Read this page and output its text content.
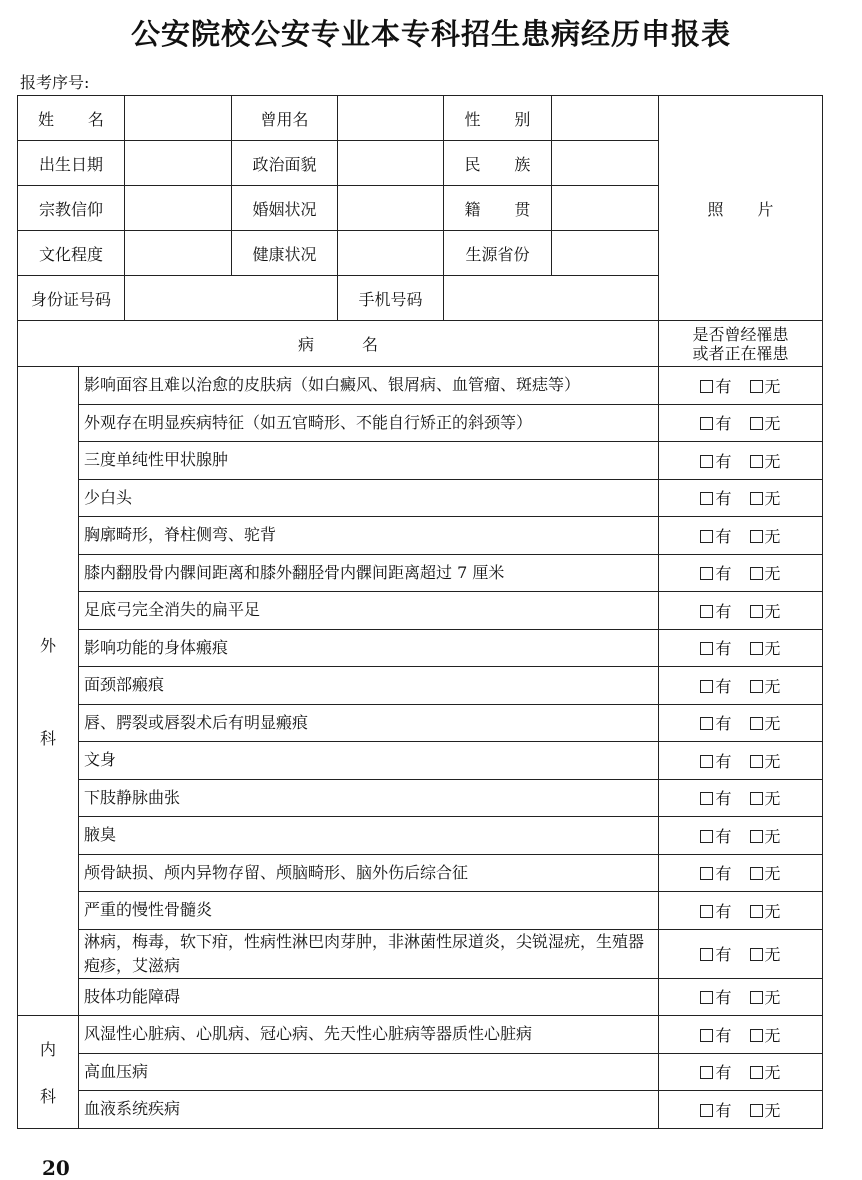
公安院校公安专业本专科招生患病经历申报表
报考序号:
姓 名		曾用名		性 别		照 片
出生日期		政治面貌		民 族		
宗教信仰		婚姻状况		籍 贯		
文化程度		健康状况		生源省份		
身份证号码			手机号码			
病名						是否曾经罹患
或者正在罹患
外
科	影响面容且难以治愈的皮肤病（如白癜风、银屑病、血管瘤、斑痣等）	有 无
	外观存在明显疾病特征（如五官畸形、不能自行矫正的斜颈等）	有 无
	三度单纯性甲状腺肿	有 无
	少白头	有 无
	胸廓畸形，脊柱侧弯、驼背	有 无
	膝内翻股骨内髁间距离和膝外翻胫骨内髁间距离超过 7 厘米	有 无
	足底弓完全消失的扁平足	有 无
	影响功能的身体瘢痕	有 无
	面颈部瘢痕	有 无
	唇、腭裂或唇裂术后有明显瘢痕	有 无
	文身	有 无
	下肢静脉曲张	有 无
	腋臭	有 无
	颅骨缺损、颅内异物存留、颅脑畸形、脑外伤后综合征	有 无
	严重的慢性骨髓炎	有 无
	淋病，梅毒，软下疳，性病性淋巴肉芽肿，非淋菌性尿道炎，尖锐湿疣，生殖器疱疹，艾滋病	有 无
	肢体功能障碍	有 无

内
科	风湿性心脏病、心肌病、冠心病、先天性心脏病等器质性心脏病	有 无
	高血压病	有 无
	血液系统疾病	有 无
20
